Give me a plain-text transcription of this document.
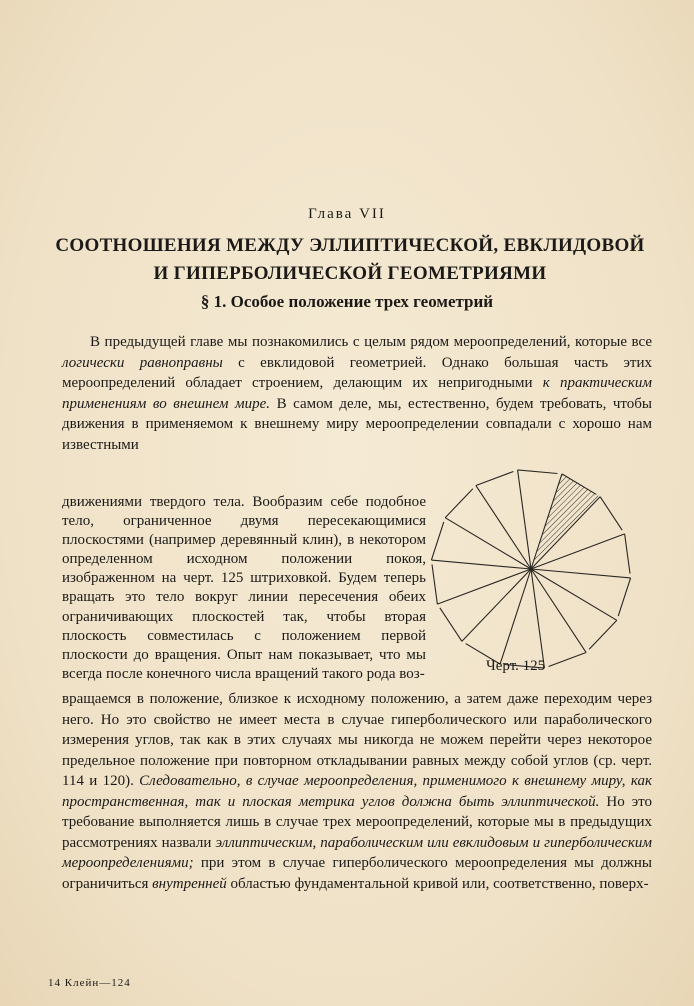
Глава VII
СООТНОШЕНИЯ МЕЖДУ ЭЛЛИПТИЧЕСКОЙ, ЕВКЛИДОВОЙ
И ГИПЕРБОЛИЧЕСКОЙ ГЕОМЕТРИЯМИ
§ 1. Особое положение трех геометрий
В предыдущей главе мы познакомились с целым рядом мероопределений, которые все логически равноправны с евклидовой геометрией. Однако большая часть этих мероопределений обладает строением, делающим их непригодными к практическим применениям во внешнем мире. В самом деле, мы, естественно, будем требовать, чтобы движения в применяемом к внешнему миру мероопределении совпадали с хорошо нам известными
движениями твердого тела. Вообразим себе подобное тело, ограниченное двумя пересекающимися плоскостями (например деревянный клин), в некотором определенном исходном положении покоя, изображенном на черт. 125 штриховкой. Будем теперь вращать это тело вокруг линии пересечения обеих ограничивающих плоскостей так, чтобы вторая плоскость совместилась с положением первой плоскости до вращения. Опыт нам показывает, что мы всегда после конечного числа вращений такого рода воз-	Черт. 125
вращаемся в положение, близкое к исходному положению, а затем даже переходим через него. Но это свойство не имеет места в случае гиперболического или параболического измерения углов, так как в этих случаях мы никогда не можем перейти через некоторое предельное положение при повторном откладывании равных между собой углов (ср. черт. 114 и 120). Следовательно, в случае мероопределения, применимого к внешнему миру, как пространственная, так и плоская метрика углов должна быть эллиптической. Но это требование выполняется лишь в случае трех мероопределений, которые мы в предыдущих рассмотрениях назвали эллиптическим, параболическим или евклидовым и гиперболическим мероопределениями; при этом в случае гиперболического мероопределения мы должны ограничиться внутренней областью фундаментальной кривой или, соответственно, поверх-
14 Клейн—124
